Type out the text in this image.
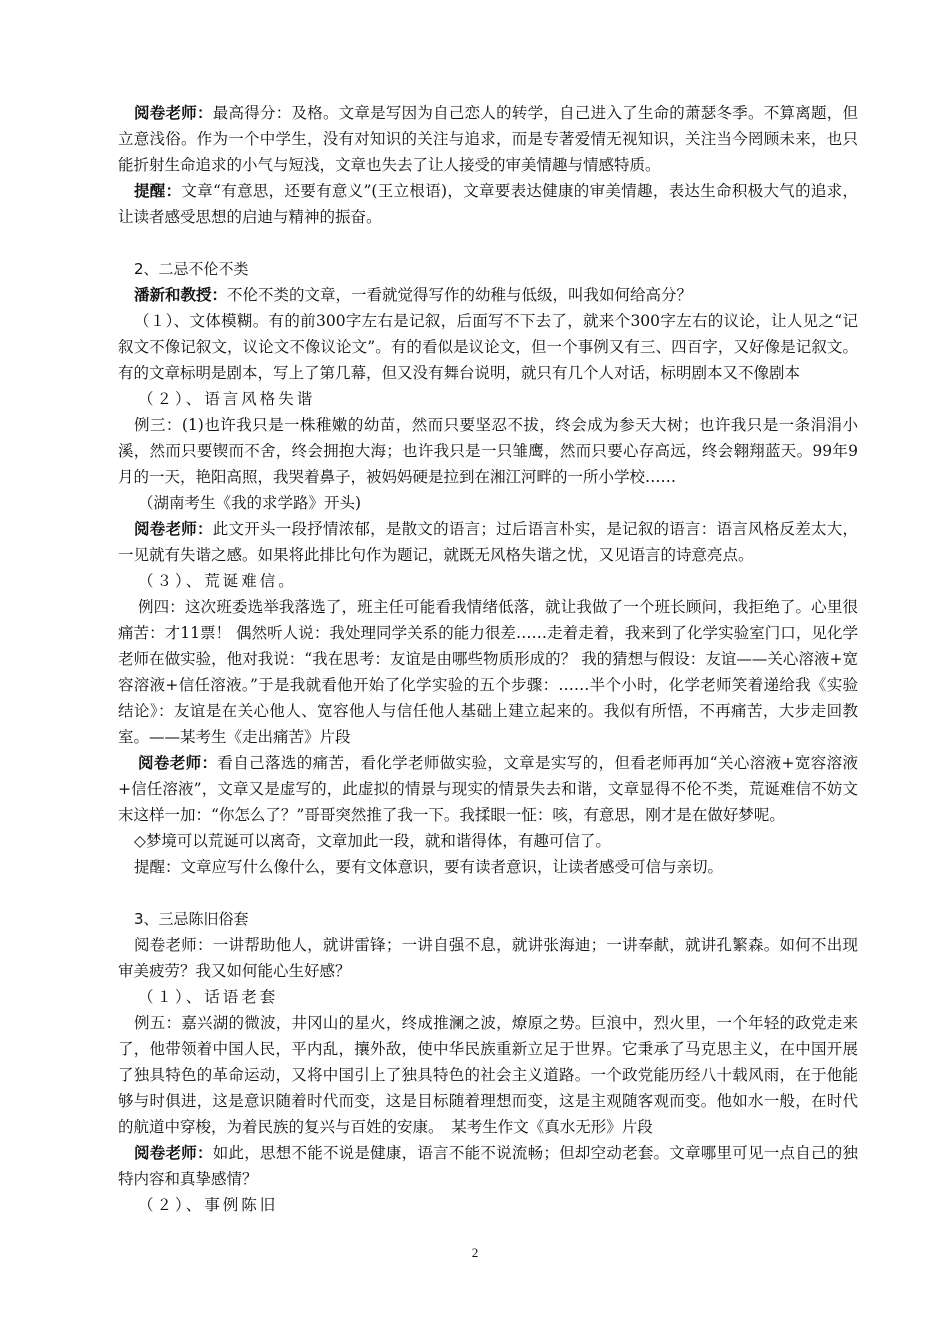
阅卷老师：最高得分：及格。文章是写因为自己恋人的转学，自己进入了生命的萧瑟冬季。不算离题，但立意浅俗。作为一个中学生，没有对知识的关注与追求，而是专著爱情无视知识，关注当今罔顾未来，也只能折射生命追求的小气与短浅，文章也失去了让人接受的审美情趣与情感特质。

提醒：文章“有意思，还要有意义”(王立根语)，文章要表达健康的审美情趣，表达生命积极大气的追求，让读者感受思想的启迪与精神的振奋。

2、二忌不伦不类

潘新和教授：不伦不类的文章，一看就觉得写作的幼稚与低级，叫我如何给高分？

（１）、文体模糊。有的前300字左右是记叙，后面写不下去了，就来个300字左右的议论，让人见之“记叙文不像记叙文，议论文不像议论文”。有的看似是议论文，但一个事例又有三、四百字，又好像是记叙文。有的文章标明是剧本，写上了第几幕，但又没有舞台说明，就只有几个人对话，标明剧本又不像剧本

（２）、语言风格失谐

例三：(1)也许我只是一株稚嫩的幼苗，然而只要坚忍不拔，终会成为参天大树；也许我只是一条涓涓小溪，然而只要锲而不舍，终会拥抱大海；也许我只是一只雏鹰，然而只要心存高远，终会翱翔蓝天。99年9月的一天，艳阳高照，我哭着鼻子，被妈妈硬是拉到在湘江河畔的一所小学校……

（湖南考生《我的求学路》开头)

阅卷老师：此文开头一段抒情浓郁，是散文的语言；过后语言朴实，是记叙的语言：语言风格反差太大，一见就有失谐之感。如果将此排比句作为题记，就既无风格失谐之忧，又见语言的诗意亮点。

（３）、荒诞难信。

例四：这次班委选举我落选了，班主任可能看我情绪低落，就让我做了一个班长顾问，我拒绝了。心里很痛苦：才11票！ 偶然听人说：我处理同学关系的能力很差……走着走着，我来到了化学实验室门口，见化学老师在做实验，他对我说：“我在思考：友谊是由哪些物质形成的？ 我的猜想与假设：友谊——关心溶液+宽容溶液+信任溶液。”于是我就看他开始了化学实验的五个步骤：……半个小时，化学老师笑着递给我《实验结论》：友谊是在关心他人、宽容他人与信任他人基础上建立起来的。我似有所悟，不再痛苦，大步走回教室。——某考生《走出痛苦》片段

阅卷老师：看自己落选的痛苦，看化学老师做实验，文章是实写的，但看老师再加“关心溶液+宽容溶液+信任溶液”，文章又是虚写的，此虚拟的情景与现实的情景失去和谐，文章显得不伦不类，荒诞难信不妨文末这样一加：“你怎么了？”哥哥突然推了我一下。我揉眼一怔：咳，有意思，刚才是在做好梦呢。

◇梦境可以荒诞可以离奇，文章加此一段，就和谐得体，有趣可信了。

提醒：文章应写什么像什么，要有文体意识，要有读者意识，让读者感受可信与亲切。

3、三忌陈旧俗套

阅卷老师：一讲帮助他人，就讲雷锋；一讲自强不息，就讲张海迪；一讲奉献，就讲孔繁森。如何不出现审美疲劳？我又如何能心生好感？

（１）、话语老套

例五：嘉兴湖的微波，井冈山的星火，终成推澜之波，燎原之势。巨浪中，烈火里，一个年轻的政党走来了，他带领着中国人民，平内乱，攘外敌，使中华民族重新立足于世界。它秉承了马克思主义，在中国开展了独具特色的革命运动，又将中国引上了独具特色的社会主义道路。一个政党能历经八十载风雨，在于他能够与时俱进，这是意识随着时代而变，这是目标随着理想而变，这是主观随客观而变。他如水一般，在时代的航道中穿梭，为着民族的复兴与百姓的安康。　某考生作文《真水无形》片段

阅卷老师：如此，思想不能不说是健康，语言不能不说流畅；但却空动老套。文章哪里可见一点自己的独特内容和真挚感情？

（２）、事例陈旧

2
